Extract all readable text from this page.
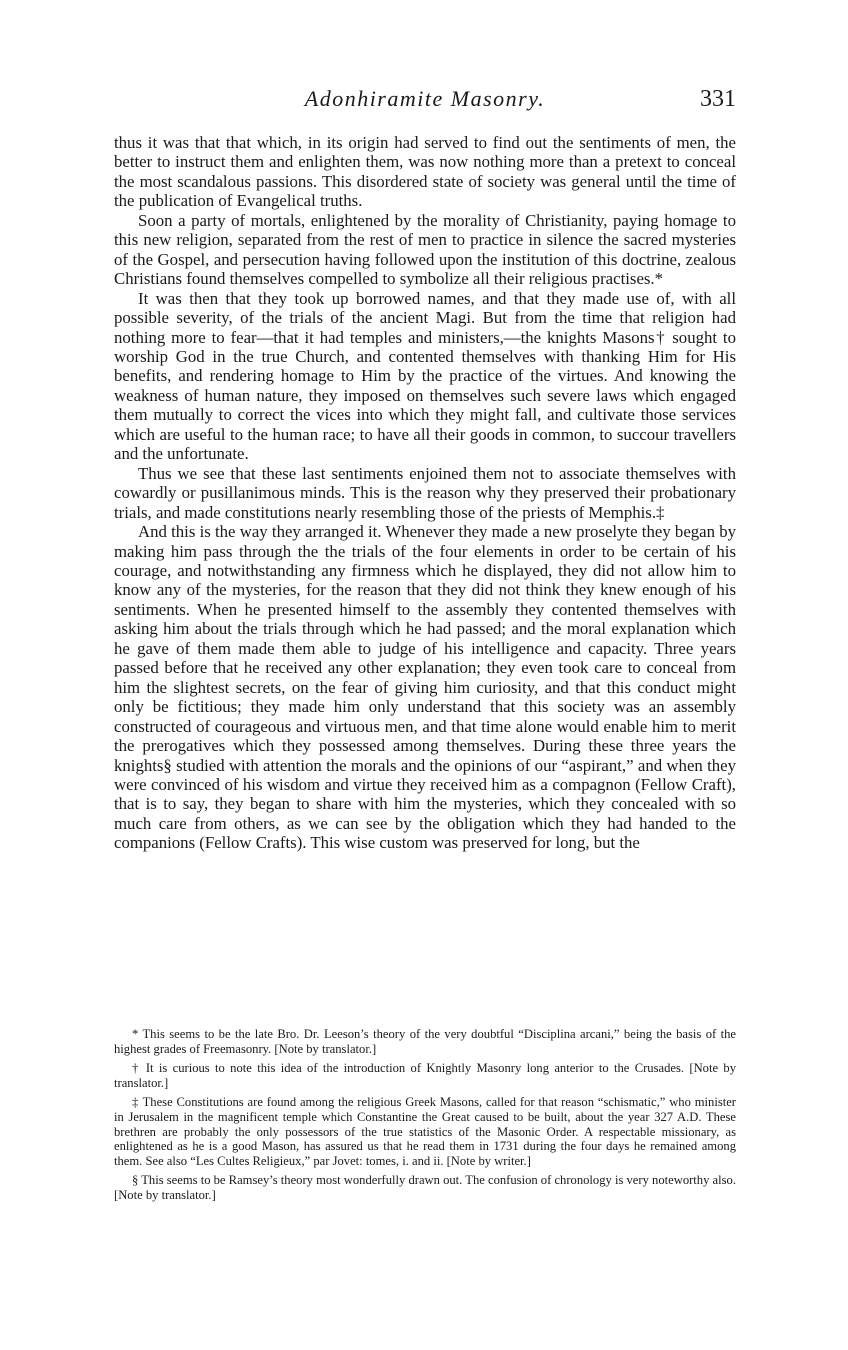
Adonhiramite Masonry.	331

thus it was that that which, in its origin had served to find out the sentiments of men, the better to instruct them and enlighten them, was now nothing more than a pretext to conceal the most scandalous passions. This disordered state of society was general until the time of the publication of Evangelical truths.

Soon a party of mortals, enlightened by the morality of Christianity, paying homage to this new religion, separated from the rest of men to practice in silence the sacred mysteries of the Gospel, and persecution having followed upon the institution of this doctrine, zealous Christians found themselves compelled to symbolize all their religious practises.*

It was then that they took up borrowed names, and that they made use of, with all possible severity, of the trials of the ancient Magi. But from the time that religion had nothing more to fear—that it had temples and ministers,—the knights Masons† sought to worship God in the true Church, and contented themselves with thanking Him for His benefits, and rendering homage to Him by the practice of the virtues. And knowing the weakness of human nature, they imposed on themselves such severe laws which engaged them mutually to correct the vices into which they might fall, and cultivate those services which are useful to the human race; to have all their goods in common, to succour travellers and the unfortunate.

Thus we see that these last sentiments enjoined them not to associate themselves with cowardly or pusillanimous minds. This is the reason why they preserved their probationary trials, and made constitutions nearly resembling those of the priests of Memphis.‡

And this is the way they arranged it. Whenever they made a new proselyte they began by making him pass through the the trials of the four elements in order to be certain of his courage, and notwithstanding any firmness which he displayed, they did not allow him to know any of the mysteries, for the reason that they did not think they knew enough of his sentiments. When he presented himself to the assembly they contented themselves with asking him about the trials through which he had passed; and the moral explanation which he gave of them made them able to judge of his intelligence and capacity. Three years passed before that he received any other explanation; they even took care to conceal from him the slightest secrets, on the fear of giving him curiosity, and that this conduct might only be fictitious; they made him only understand that this society was an assembly constructed of courageous and virtuous men, and that time alone would enable him to merit the prerogatives which they possessed among themselves. During these three years the knights§ studied with attention the morals and the opinions of our “aspirant,” and when they were convinced of his wisdom and virtue they received him as a compagnon (Fellow Craft), that is to say, they began to share with him the mysteries, which they concealed with so much care from others, as we can see by the obligation which they had handed to the companions (Fellow Crafts). This wise custom was preserved for long, but the

* This seems to be the late Bro. Dr. Leeson’s theory of the very doubtful “Disciplina arcani,” being the basis of the highest grades of Freemasonry. [Note by translator.]

† It is curious to note this idea of the introduction of Knightly Masonry long anterior to the Crusades. [Note by translator.]

‡ These Constitutions are found among the religious Greek Masons, called for that reason “schismatic,” who minister in Jerusalem in the magnificent temple which Constantine the Great caused to be built, about the year 327 A.D. These brethren are probably the only possessors of the true statistics of the Masonic Order. A respectable missionary, as enlightened as he is a good Mason, has assured us that he read them in 1731 during the four days he remained among them. See also “Les Cultes Religieux,” par Jovet: tomes, i. and ii. [Note by writer.]

§ This seems to be Ramsey’s theory most wonderfully drawn out. The confusion of chronology is very noteworthy also. [Note by translator.]
